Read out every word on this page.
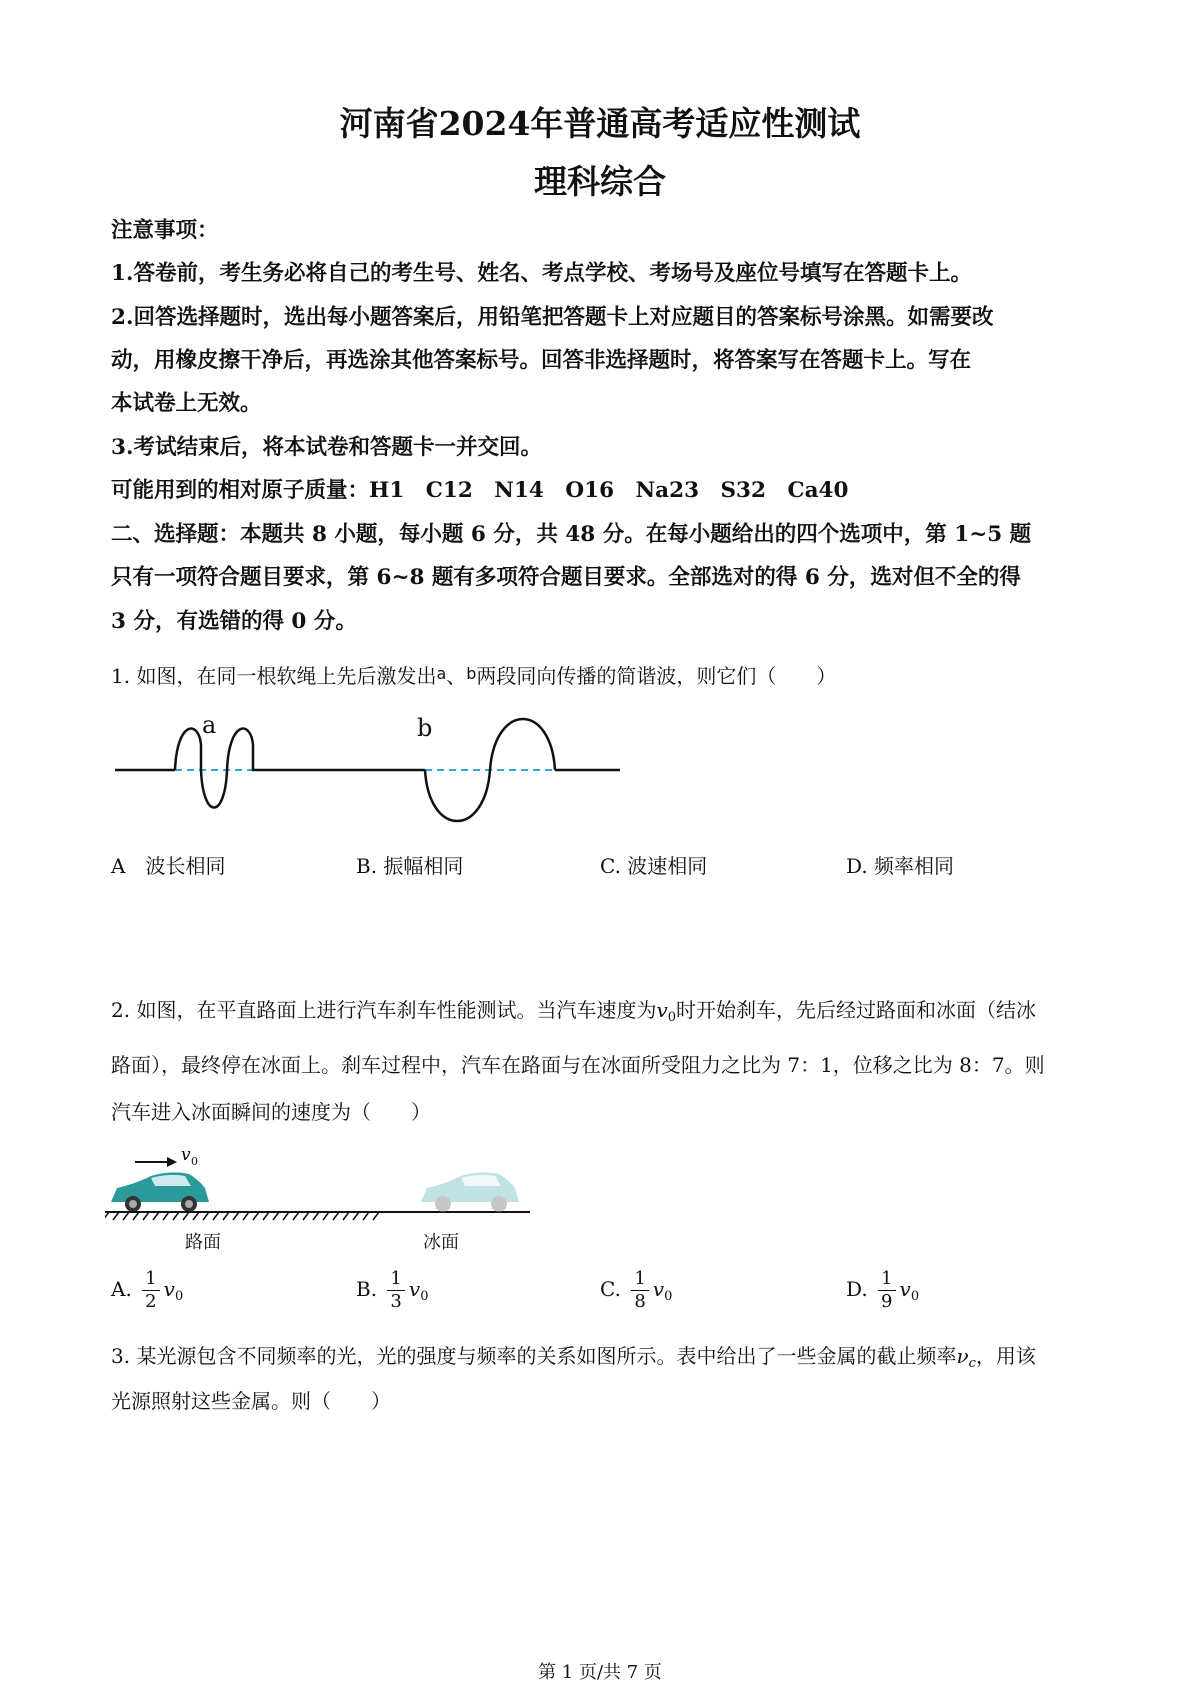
河南省2024年普通高考适应性测试
理科综合
注意事项：
1.答卷前，考生务必将自己的考生号、姓名、考点学校、考场号及座位号填写在答题卡上。
2.回答选择题时，选出每小题答案后，用铅笔把答题卡上对应题目的答案标号涂黑。如需要改
动，用橡皮擦干净后，再选涂其他答案标号。回答非选择题时，将答案写在答题卡上。写在
本试卷上无效。
3.考试结束后，将本试卷和答题卡一并交回。
可能用到的相对原子质量：H1　C12　N14　O16　Na23　S32　Ca40
二、选择题：本题共 8 小题，每小题 6 分，共 48 分。在每小题给出的四个选项中，第 1~5 题
只有一项符合题目要求，第 6~8 题有多项符合题目要求。全部选对的得 6 分，选对但不全的得
3 分，有选错的得 0 分。
1. 如图，在同一根软绳上先后激发出$^a$、$^b$两段同向传播的简谐波，则它们（　　）
a	b
A　波长相同	B. 振幅相同	C. 波速相同	D. 频率相同
2. 如图，在平直路面上进行汽车刹车性能测试。当汽车速度为$v_0$时开始刹车，先后经过路面和冰面（结冰
路面），最终停在冰面上。刹车过程中，汽车在路面与在冰面所受阻力之比为 7：1，位移之比为 8：7。则
汽车进入冰面瞬间的速度为（　　）
v 0
路面	冰面
A. $\frac{1}{2} v_0$	B. $\frac{1}{3} v_0$	C. $\frac{1}{8} v_0$	D. $\frac{1}{9} v_0$
3. 某光源包含不同频率的光，光的强度与频率的关系如图所示。表中给出了一些金属的截止频率$\nu_c$，用该
光源照射这些金属。则（　　）
第 1 页/共 7 页
